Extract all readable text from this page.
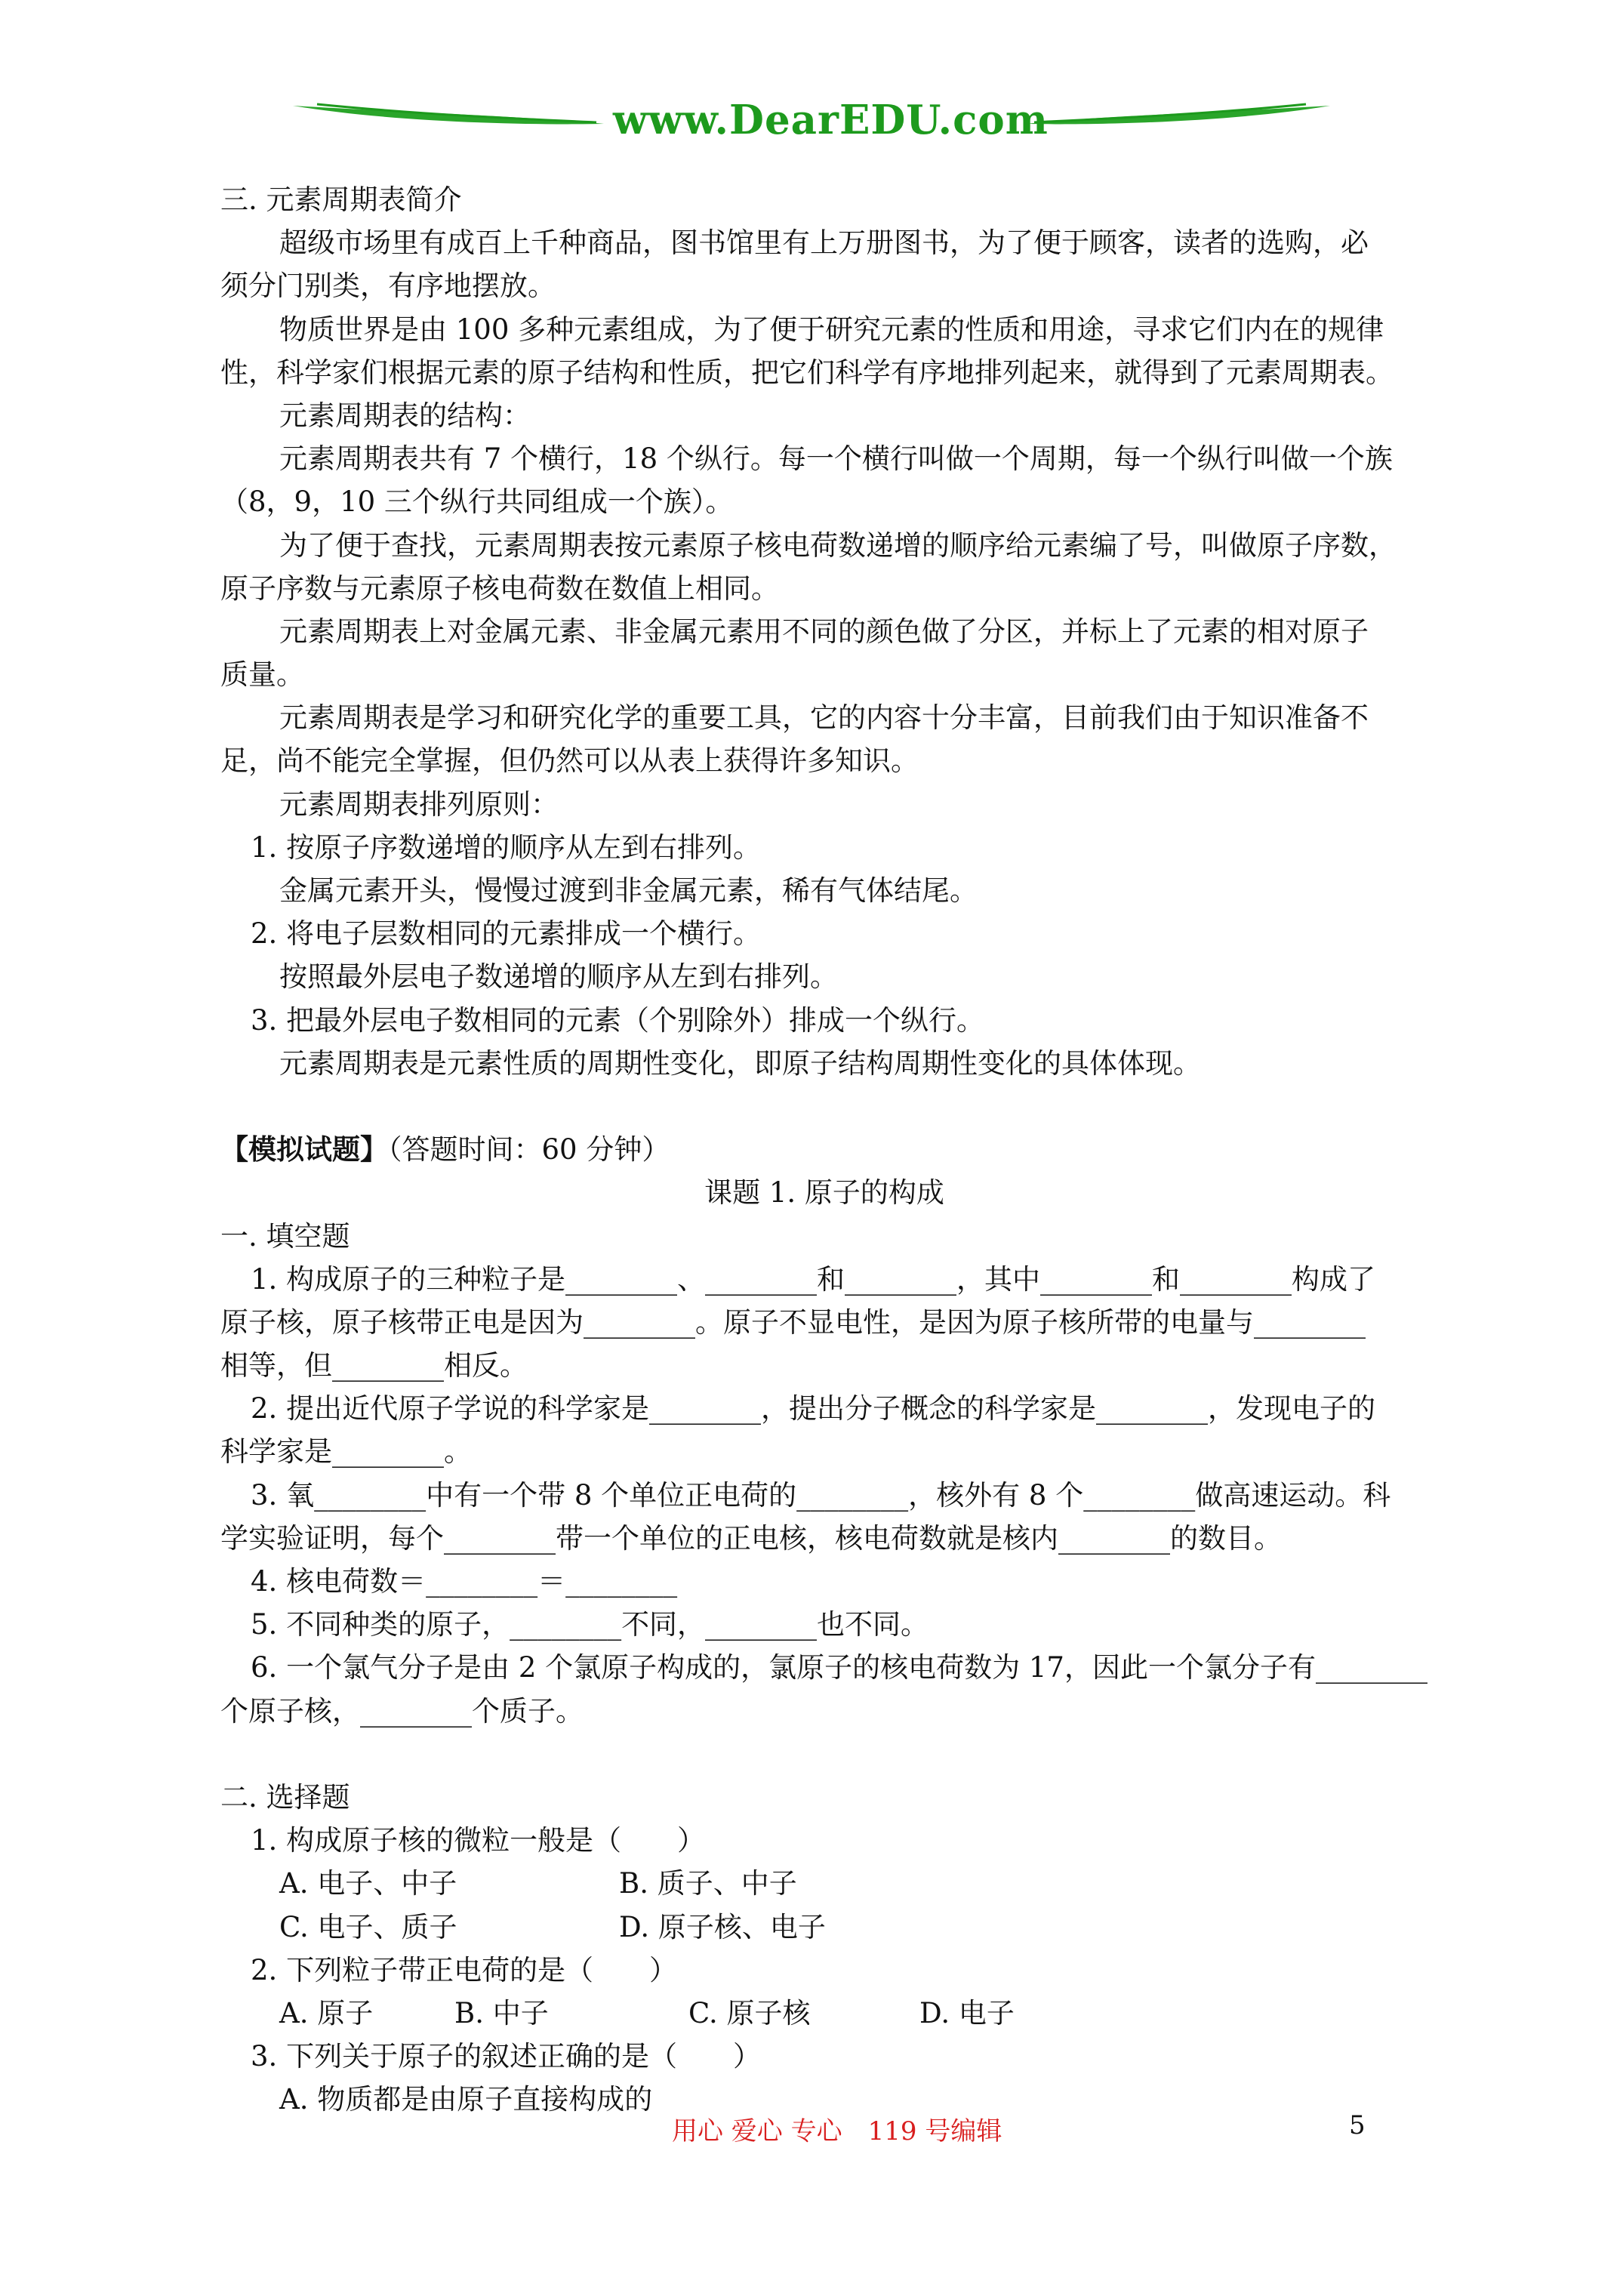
www.DearEDU.com
三. 元素周期表简介
超级市场里有成百上千种商品，图书馆里有上万册图书，为了便于顾客，读者的选购，必
须分门别类，有序地摆放。
物质世界是由 100 多种元素组成，为了便于研究元素的性质和用途，寻求它们内在的规律
性，科学家们根据元素的原子结构和性质，把它们科学有序地排列起来，就得到了元素周期表。
元素周期表的结构：
元素周期表共有 7 个横行，18 个纵行。每一个横行叫做一个周期，每一个纵行叫做一个族
（8，9，10 三个纵行共同组成一个族）。
为了便于查找，元素周期表按元素原子核电荷数递增的顺序给元素编了号，叫做原子序数，
原子序数与元素原子核电荷数在数值上相同。
元素周期表上对金属元素、非金属元素用不同的颜色做了分区，并标上了元素的相对原子
质量。
元素周期表是学习和研究化学的重要工具，它的内容十分丰富，目前我们由于知识准备不
足，尚不能完全掌握，但仍然可以从表上获得许多知识。
元素周期表排列原则：
1. 按原子序数递增的顺序从左到右排列。
金属元素开头，慢慢过渡到非金属元素，稀有气体结尾。
2. 将电子层数相同的元素排成一个横行。
按照最外层电子数递增的顺序从左到右排列。
3. 把最外层电子数相同的元素（个别除外）排成一个纵行。
元素周期表是元素性质的周期性变化，即原子结构周期性变化的具体体现。
【模拟试题】（答题时间：60 分钟）
课题 1. 原子的构成
一. 填空题
1. 构成原子的三种粒子是________、________和________，其中________和________构成了
原子核，原子核带正电是因为________。原子不显电性，是因为原子核所带的电量与________
相等，但________相反。
2. 提出近代原子学说的科学家是________，提出分子概念的科学家是________，发现电子的
科学家是________。
3. 氧________中有一个带 8 个单位正电荷的________，核外有 8 个________做高速运动。科
学实验证明，每个________带一个单位的正电核，核电荷数就是核内________的数目。
4. 核电荷数＝________＝________
5. 不同种类的原子，________不同，________也不同。
6. 一个氯气分子是由 2 个氯原子构成的，氯原子的核电荷数为 17，因此一个氯分子有________
个原子核，________个质子。
二. 选择题
1. 构成原子核的微粒一般是（　　）
A. 电子、中子	B. 质子、中子
C. 电子、质子	D. 原子核、电子
2. 下列粒子带正电荷的是（　　）
A. 原子	B. 中子	C. 原子核	D. 电子
3. 下列关于原子的叙述正确的是（　　）
A. 物质都是由原子直接构成的
用心 爱心 专心　119 号编辑	5
